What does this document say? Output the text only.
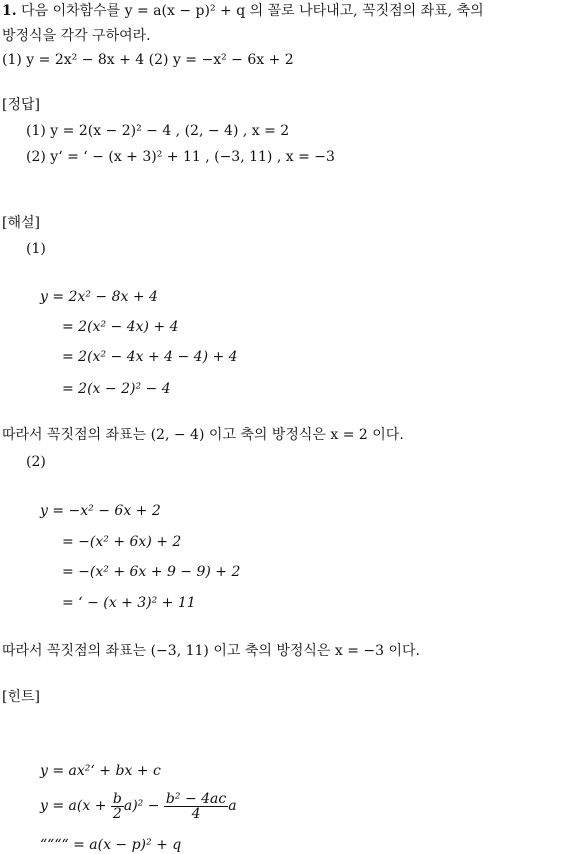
1. 다음 이차함수를 y = a(x − p)² + q 의 꼴로 나타내고, 꼭짓점의 좌표, 축의
방정식을 각각 구하여라.
(1) y = 2x² − 8x + 4 (2) y = −x² − 6x + 2
[정답]
(1) y = 2(x − 2)² − 4 , (2, − 4) , x = 2
(2) y‘ = ‘ − (x + 3)² + 11 , (−3, 11) , x = −3
[해설]
(1)
y = 2x² − 8x + 4
= 2(x² − 4x) + 4
= 2(x² − 4x + 4 − 4) + 4
= 2(x − 2)² − 4
따라서 꼭짓점의 좌표는 (2, − 4) 이고 축의 방정식은 x = 2 이다.
(2)
y = −x² − 6x + 2
= −(x² + 6x) + 2
= −(x² + 6x + 9 − 9) + 2
= ‘ − (x + 3)² + 11
따라서 꼭짓점의 좌표는 (−3, 11) 이고 축의 방정식은 x = −3 이다.
[힌트]
y = ax²‘ + bx + c
$y = a(x + \frac{b}{2} a)^2 - \frac{\text{b² − 4ac}}{4}$ a
““““ = a(x − p)² + q
